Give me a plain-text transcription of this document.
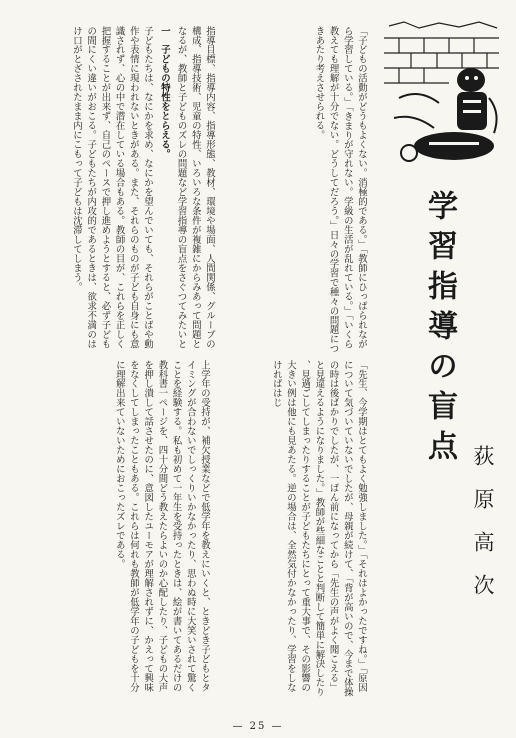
学習指導の盲点
荻原高次
「子どもの活動がどうもよくない。消極的である。」「教師にひっぱられながら学習している。」「きまりが守れない。学級の生活が乱れている。」「いくら教えても理解が十分でない。どうしてだろう。」日々の学習で種々の問題につきあたり考えさせられる。
指導目標、指導内容、指導形態、教材、環境や場面、人間関係、グループの構成、指導技術、児童の特性、いろいろな条件が複雑にからみあって問題となるが、教師と子どものズレの問題など学習指導の盲点をさぐつてみたいと
一　子どもの特性をとらえる。
子どもたちは、なにかを求め、なにかを望んでいても、それらがことばや動作や表情に現われないときがある。また、それらのものが子ども自身にも意識されず、心の中で潜在している場合もある。教師の目が、これらを正しく把握することが出来ず、自己のペースで押し進めようとすると、必ず子どもの間にくい違いがおこる。子どもたちが内攻的であるときは、欲求不満のはけ口がとざされたまま内にこもって子どもは沈滞してしまう。
上学年の受持が、補欠授業などで低学年を教えにいくと、ときどき子どもとタイミングが合わないでしっくりいかなかったり、思わぬ時に大笑いされて驚くことを経験する。私も初めて一年生を受持ったときは、絵が書いてあるだけの教科書一ページを、四十分間どう教えたらよいのか心配したり、子どもの大声を押し潰して話させたのに、意図したユーモアが理解されずに、かえって興味をなくしてしまったこともある。これらは何れも教師が低学年の子どもを十分に理解出来ていないためにおこったズレである。	「先生、今学期はとてもよく勉強しました。」「それはよかったですね。」「原因について気づいていないでしたが、母親が続けて、「背が高いので、今まで体操の時は後ばかりでしたが、一ばん前になってから「先生の声がよく聞こえる」と見違えるようになりました。」教師が些細なことと判断して簡単に解決したり、見過ごしてしまったりすることが子どもたちにとって重大事で、その影響の大きい例は他にも見あたる。逆の場合は、全然気付かなかったり、学習をしなければはじ
— 25 —
